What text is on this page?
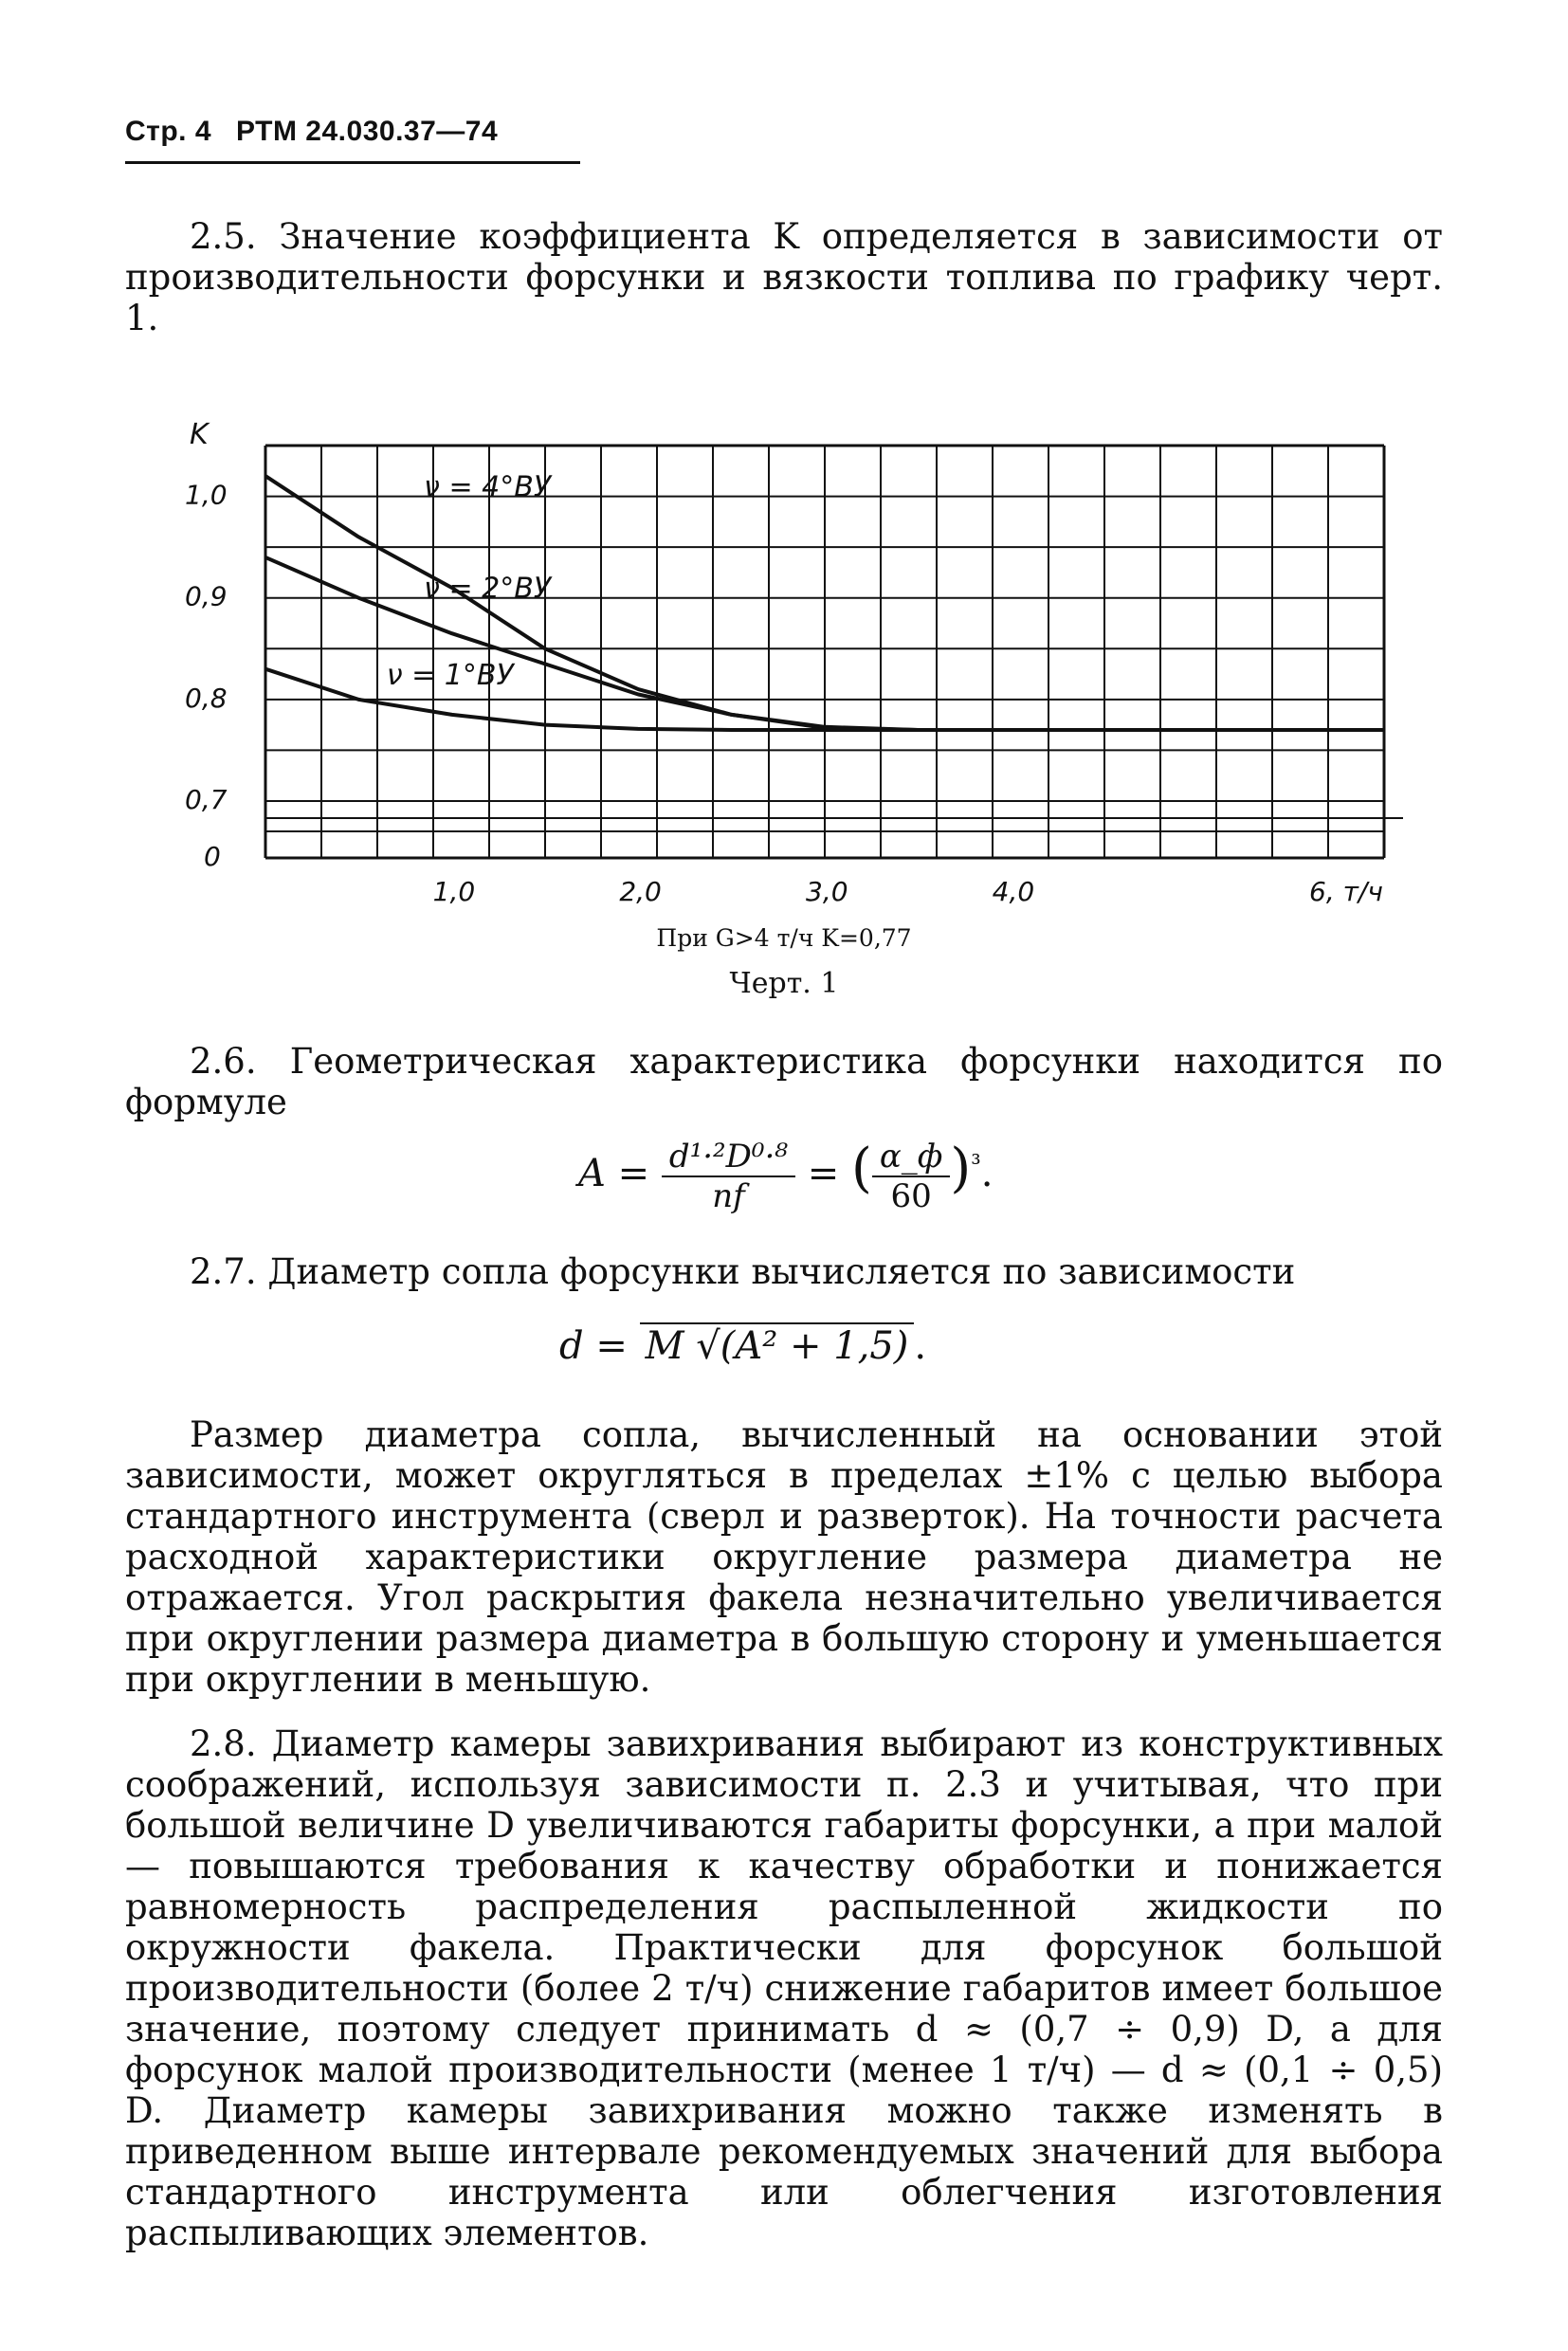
Стр. 4 РТМ 24.030.37—74

2.5. Значение коэффициента K определяется в зависимости от производительности форсунки и вязкости топлива по графику черт. 1.

ν = 4°ВУ
ν = 2°ВУ
ν = 1°ВУ
K
1,0
0,9
0,8
0,7
0
1,0	2,0	3,0	4,0	6, т/ч
При G>4 т/ч K=0,77
Черт. 1

2.6. Геометрическая характеристика форсунки находится по формуле

$A = \frac{\text{d¹·²D⁰·⁸}}{nf}$ = ( $\frac{\alpha\_ф}{60} )^{^3}$.

2.7. Диаметр сопла форсунки вычисляется по зависимости

d = M √(A² + 1,5) .

Размер диаметра сопла, вычисленный на основании этой зависимости, может округляться в пределах ±1% с целью выбора стандартного инструмента (сверл и разверток). На точности расчета расходной характеристики округление размера диаметра не отражается. Угол раскрытия факела незначительно увеличивается при округлении размера диаметра в большую сторону и уменьшается при округлении в меньшую.

2.8. Диаметр камеры завихривания выбирают из конструктивных соображений, используя зависимости п. 2.3 и учитывая, что при большой величине D увеличиваются габариты форсунки, а при малой — повышаются требования к качеству обработки и понижается равномерность распределения распыленной жидкости по окружности факела. Практически для форсунок большой производительности (более 2 т/ч) снижение габаритов имеет большое значение, поэтому следует принимать d ≈ (0,7 ÷ 0,9) D, а для форсунок малой производительности (менее 1 т/ч) — d ≈ (0,1 ÷ 0,5) D. Диаметр камеры завихривания можно также изменять в приведенном выше интервале рекомендуемых значений для выбора стандартного инструмента или облегчения изготовления распыливающих элементов.
